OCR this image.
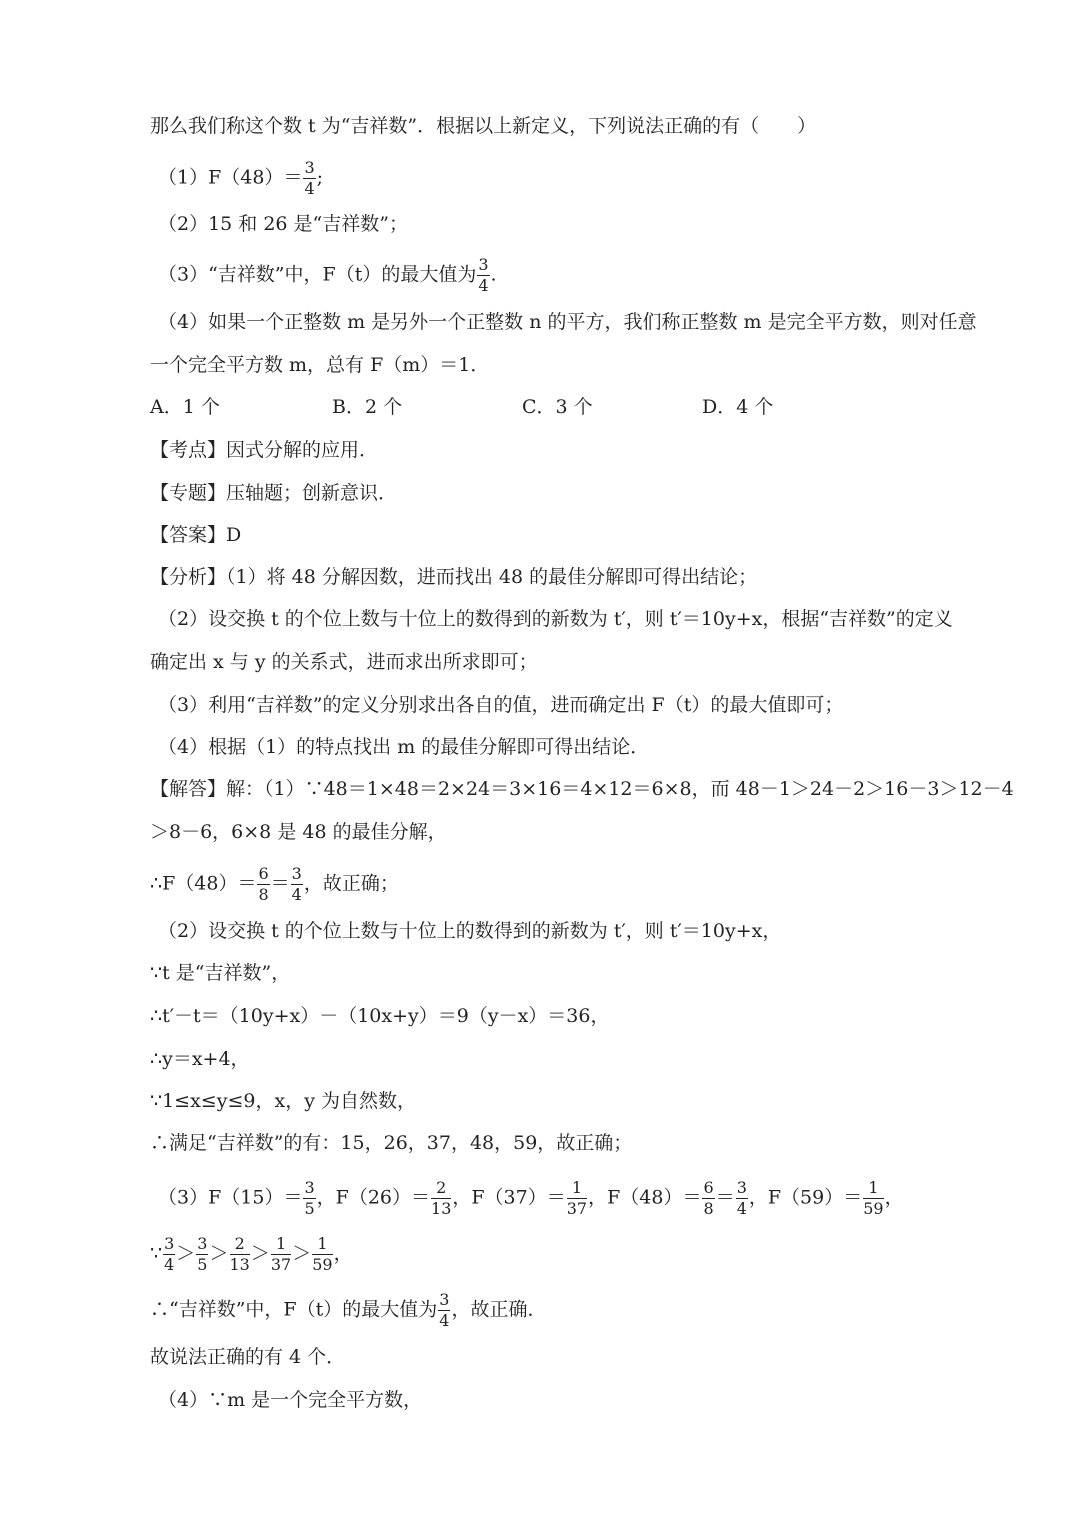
那么我们称这个数 t 为“吉祥数”．根据以上新定义，下列说法正确的有（　　）
$(1)F(48)= \frac{3}{4}$ ;
（2）15 和 26 是“吉祥数”；
（3）“吉祥数”中，F（t）的最大值为 $\frac{3}{4}$ .
（4）如果一个正整数 m 是另外一个正整数 n 的平方，我们称正整数 m 是完全平方数，则对任意
一个完全平方数 m，总有 F（m）＝1．
A．1 个	B．2 个	C．3 个	D．4 个
【考点】因式分解的应用．
【专题】压轴题；创新意识．
【答案】D
【分析】（1）将 48 分解因数，进而找出 48 的最佳分解即可得出结论；
（2）设交换 t 的个位上数与十位上的数得到的新数为 t′，则 t′＝10y+x，根据“吉祥数”的定义
确定出 x 与 y 的关系式，进而求出所求即可；
（3）利用“吉祥数”的定义分别求出各自的值，进而确定出 F（t）的最大值即可；
（4）根据（1）的特点找出 m 的最佳分解即可得出结论．
【解答】解：（1）∵48＝1×48＝2×24＝3×16＝4×12＝6×8，而 48－1＞24－2＞16－3＞12－4
＞8－6，6×8 是 48 的最佳分解，
∴F（48）＝ $\frac{6}{8} = \frac{3}{4}$ ，故正确；
（2）设交换 t 的个位上数与十位上的数得到的新数为 t′，则 t′＝10y+x，
∵t 是“吉祥数”，
∴t′－t＝（10y+x）－（10x+y）＝9（y－x）＝36，
∴y＝x+4，
∵1≤x≤y≤9，x，y 为自然数，
∴满足“吉祥数”的有：15，26，37，48，59，故正确；
$(3)F(15)= \frac{3}{5}$ ，$F(26)= \frac{2}{13}$ ，$F(37)= \frac{1}{37}$ ，$F(48)= \frac{6}{8} = \frac{3}{4}$ ，$F(59)= \frac{1}{59}$ ，
∵ $\frac{3}{4} > \frac{3}{5} > \frac{2}{13} > \frac{1}{37} > \frac{1}{59}$ ，
∴“吉祥数”中，F（t）的最大值为 $\frac{3}{4}$ ，故正确．
故说法正确的有 4 个．
（4）∵m 是一个完全平方数，
